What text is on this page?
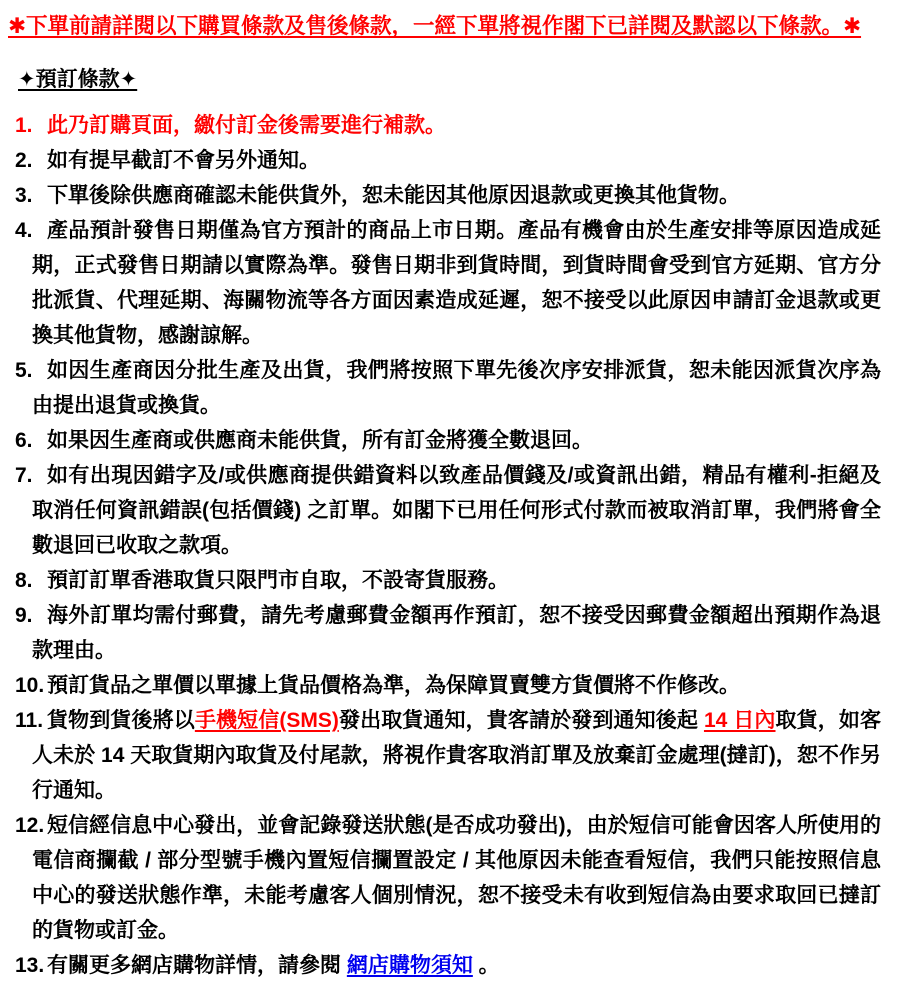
✱下單前請詳閱以下購買條款及售後條款，一經下單將視作閣下已詳閱及默認以下條款。✱
✦預訂條款✦
1. 此乃訂購頁面，繳付訂金後需要進行補款。
2. 如有提早截訂不會另外通知。
3. 下單後除供應商確認未能供貨外，恕未能因其他原因退款或更換其他貨物。
4. 產品預計發售日期僅為官方預計的商品上市日期。產品有機會由於生產安排等原因造成延期，正式發售日期請以實際為準。發售日期非到貨時間，到貨時間會受到官方延期、官方分批派貨、代理延期、海關物流等各方面因素造成延遲，恕不接受以此原因申請訂金退款或更換其他貨物，感謝諒解。
5. 如因生產商因分批生產及出貨，我們將按照下單先後次序安排派貨，恕未能因派貨次序為由提出退貨或換貨。
6. 如果因生產商或供應商未能供貨，所有訂金將獲全數退回。
7. 如有出現因錯字及/或供應商提供錯資料以致產品價錢及/或資訊出錯，精品有權利-拒絕及取消任何資訊錯誤(包括價錢) 之訂單。如閣下已用任何形式付款而被取消訂單，我們將會全數退回已收取之款項。
8. 預訂訂單香港取貨只限門市自取，不設寄貨服務。
9. 海外訂單均需付郵費，請先考慮郵費金額再作預訂，恕不接受因郵費金額超出預期作為退款理由。
10. 預訂貨品之單價以單據上貨品價格為準，為保障買賣雙方貨價將不作修改。
11. 貨物到貨後將以手機短信(SMS)發出取貨通知，貴客請於發到通知後起 14 日內取貨，如客人未於 14 天取貨期內取貨及付尾款，將視作貴客取消訂單及放棄訂金處理(撻訂)，恕不作另行通知。
12. 短信經信息中心發出，並會記錄發送狀態(是否成功發出)，由於短信可能會因客人所使用的電信商攔截 / 部分型號手機內置短信攔置設定 / 其他原因未能查看短信，我們只能按照信息中心的發送狀態作準，未能考慮客人個別情況，恕不接受未有收到短信為由要求取回已撻訂的貨物或訂金。
13. 有關更多網店購物詳情，請參閱 網店購物須知 。
